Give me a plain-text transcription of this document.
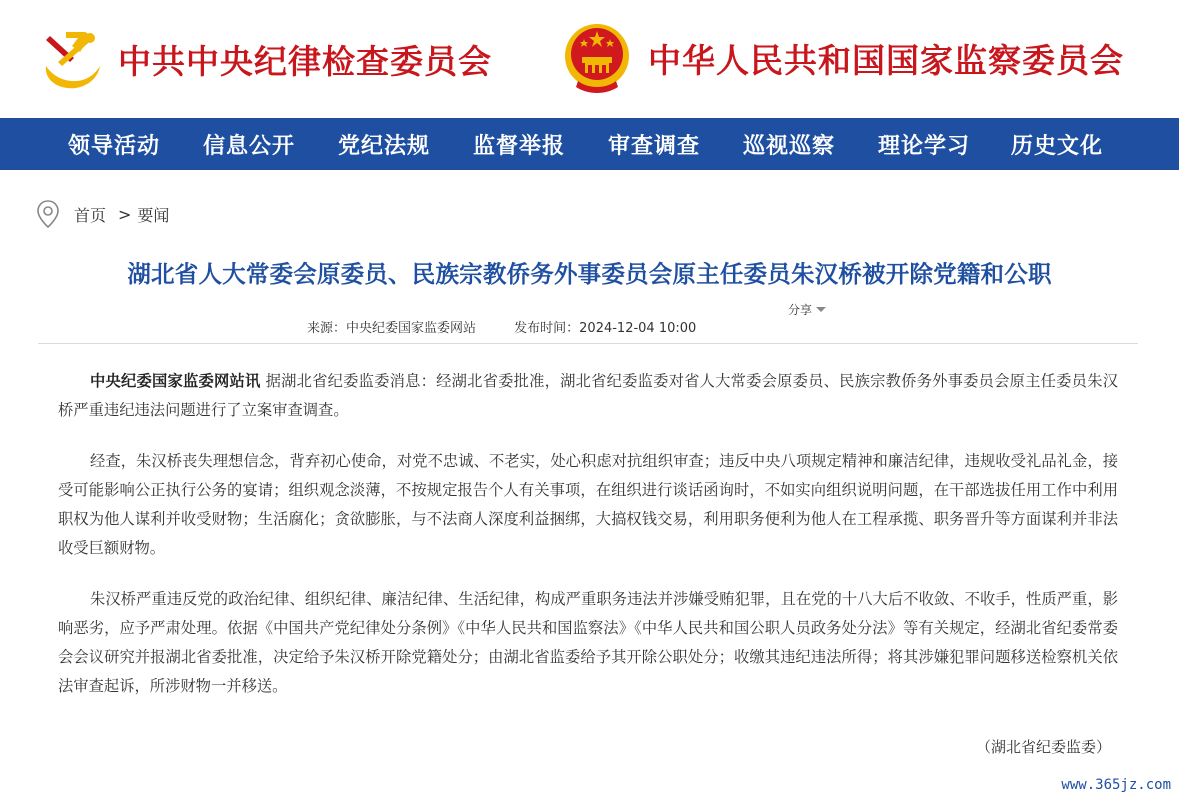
中共中央纪律检查委员会	中华人民共和国国家监察委员会
领导活动 信息公开 党纪法规 监督举报 审查调查 巡视巡察 理论学习 历史文化
首页 > 要闻
湖北省人大常委会原委员、民族宗教侨务外事委员会原主任委员朱汉桥被开除党籍和公职
分享
来源：中央纪委国家监委网站	发布时间：2024-12-04 10:00

中央纪委国家监委网站讯 据湖北省纪委监委消息：经湖北省委批准，湖北省纪委监委对省人大常委会原委员、民族宗教侨务外事委员会原主任委员朱汉桥严重违纪违法问题进行了立案审查调查。

经查，朱汉桥丧失理想信念，背弃初心使命，对党不忠诚、不老实，处心积虑对抗组织审查；违反中央八项规定精神和廉洁纪律，违规收受礼品礼金，接受可能影响公正执行公务的宴请；组织观念淡薄，不按规定报告个人有关事项，在组织进行谈话函询时，不如实向组织说明问题，在干部选拔任用工作中利用职权为他人谋利并收受财物；生活腐化；贪欲膨胀，与不法商人深度利益捆绑，大搞权钱交易，利用职务便利为他人在工程承揽、职务晋升等方面谋利并非法收受巨额财物。

朱汉桥严重违反党的政治纪律、组织纪律、廉洁纪律、生活纪律，构成严重职务违法并涉嫌受贿犯罪，且在党的十八大后不收敛、不收手，性质严重，影响恶劣，应予严肃处理。依据《中国共产党纪律处分条例》《中华人民共和国监察法》《中华人民共和国公职人员政务处分法》等有关规定，经湖北省纪委常委会会议研究并报湖北省委批准，决定给予朱汉桥开除党籍处分；由湖北省监委给予其开除公职处分；收缴其违纪违法所得；将其涉嫌犯罪问题移送检察机关依法审查起诉，所涉财物一并移送。

（湖北省纪委监委）
www.365jz.com
